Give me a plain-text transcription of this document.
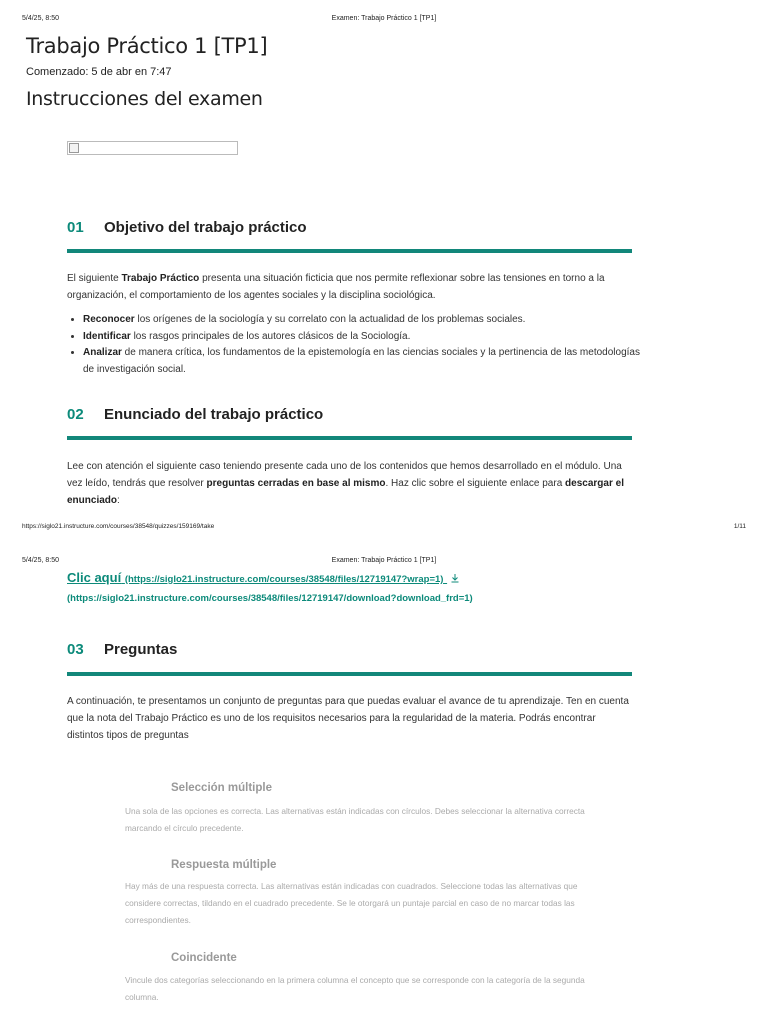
5/4/25, 8:50	Examen: Trabajo Práctico 1 [TP1]
Trabajo Práctico 1 [TP1]
Comenzado: 5 de abr en 7:47
Instrucciones del examen
01	Objetivo del trabajo práctico

El siguiente Trabajo Práctico presenta una situación ficticia que nos permite reflexionar sobre las tensiones en torno a la organización, el comportamiento de los agentes sociales y la disciplina sociológica.

• Reconocer los orígenes de la sociología y su correlato con la actualidad de los problemas sociales.
• Identificar los rasgos principales de los autores clásicos de la Sociología.
• Analizar de manera crítica, los fundamentos de la epistemología en las ciencias sociales y la pertinencia de las metodologías de investigación social.
02	Enunciado del trabajo práctico

Lee con atención el siguiente caso teniendo presente cada uno de los contenidos que hemos desarrollado en el módulo. Una vez leído, tendrás que resolver preguntas cerradas en base al mismo. Haz clic sobre el siguiente enlace para descargar el enunciado:

https://siglo21.instructure.com/courses/38548/quizzes/159169/take	1/11
5/4/25, 8:50	Examen: Trabajo Práctico 1 [TP1]
Clic aquí (https://siglo21.instructure.com/courses/38548/files/12719147?wrap=1)
(https://siglo21.instructure.com/courses/38548/files/12719147/download?download_frd=1)
03	Preguntas

A continuación, te presentamos un conjunto de preguntas para que puedas evaluar el avance de tu aprendizaje. Ten en cuenta que la nota del Trabajo Práctico es uno de los requisitos necesarios para la regularidad de la materia. Podrás encontrar distintos tipos de preguntas

Selección múltiple

Una sola de las opciones es correcta. Las alternativas están indicadas con círculos. Debes seleccionar la alternativa correcta marcando el círculo precedente.

Respuesta múltiple

Hay más de una respuesta correcta. Las alternativas están indicadas con cuadrados. Seleccione todas las alternativas que considere correctas, tildando en el cuadrado precedente. Se le otorgará un puntaje parcial en caso de no marcar todas las correspondientes.

Coincidente

Vincule dos categorías seleccionando en la primera columna el concepto que se corresponde con la categoría de la segunda columna.
